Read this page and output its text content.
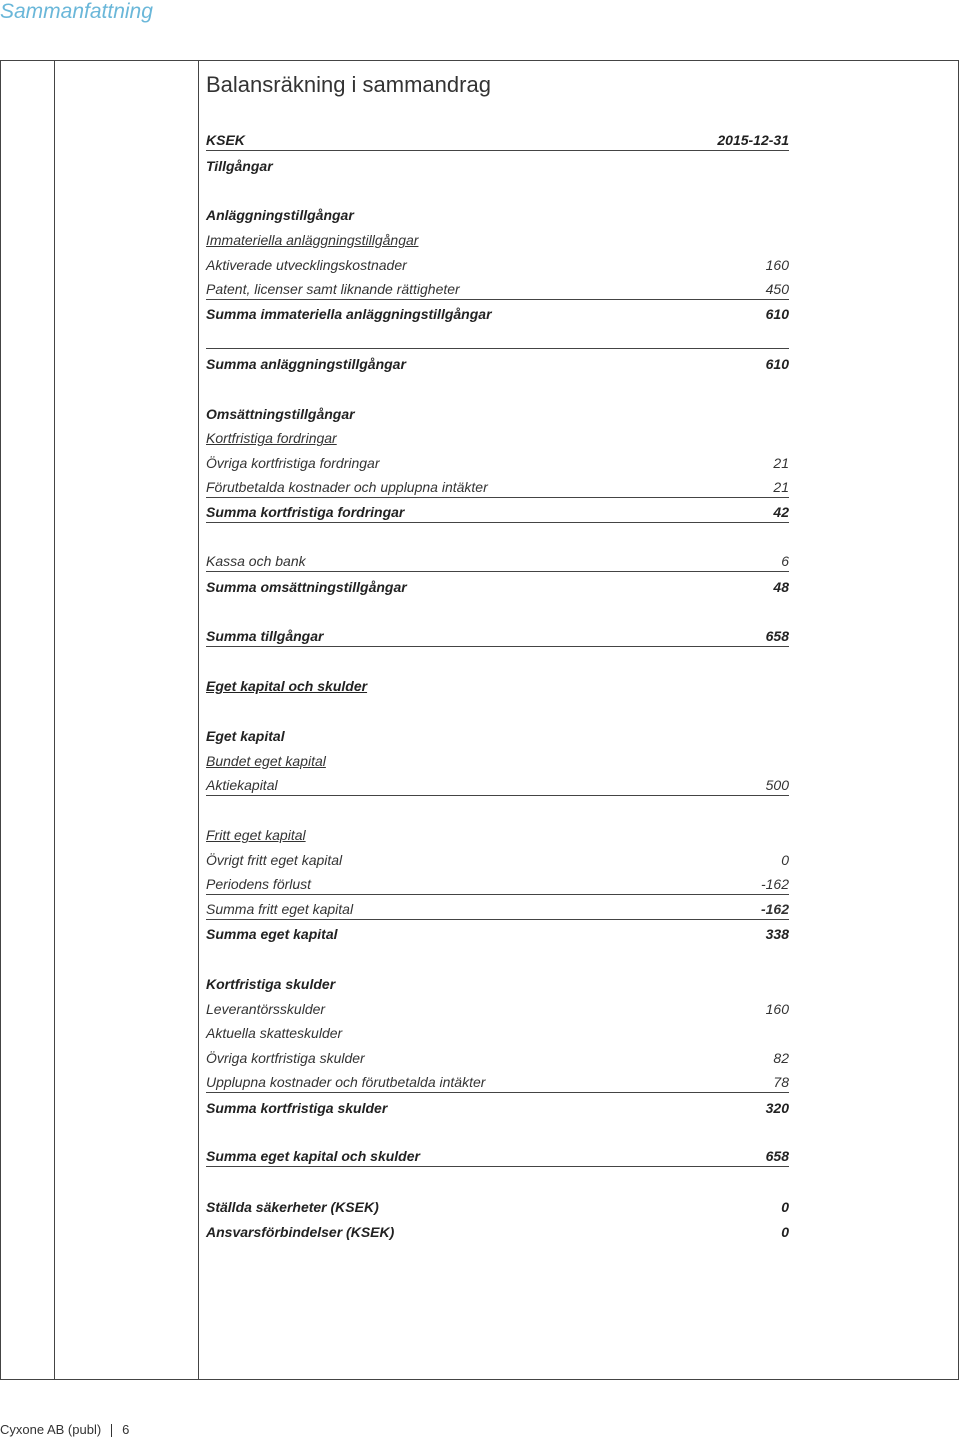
Sammanfattning
Balansräkning i sammandrag
KSEK	2015-12-31
Tillgångar
Anläggningstillgångar
Immateriella anläggningstillgångar
Aktiverade utvecklingskostnader	160
Patent, licenser samt liknande rättigheter	450
Summa immateriella anläggningstillgångar	610
Summa anläggningstillgångar	610
Omsättningstillgångar
Kortfristiga fordringar
Övriga kortfristiga fordringar	21
Förutbetalda kostnader och upplupna intäkter	21
Summa kortfristiga fordringar	42
Kassa och bank	6
Summa omsättningstillgångar	48
Summa tillgångar	658
Eget kapital och skulder
Eget kapital
Bundet eget kapital
Aktiekapital	500
Fritt eget kapital
Övrigt fritt eget kapital	0
Periodens förlust	-162
Summa fritt eget kapital	-162
Summa eget kapital	338
Kortfristiga skulder
Leverantörsskulder	160
Aktuella skatteskulder
Övriga kortfristiga skulder	82
Upplupna kostnader och förutbetalda intäkter	78
Summa kortfristiga skulder	320
Summa eget kapital och skulder	658
Ställda säkerheter (KSEK)	0
Ansvarsförbindelser (KSEK)	0
Cyxone AB (publ) 6
